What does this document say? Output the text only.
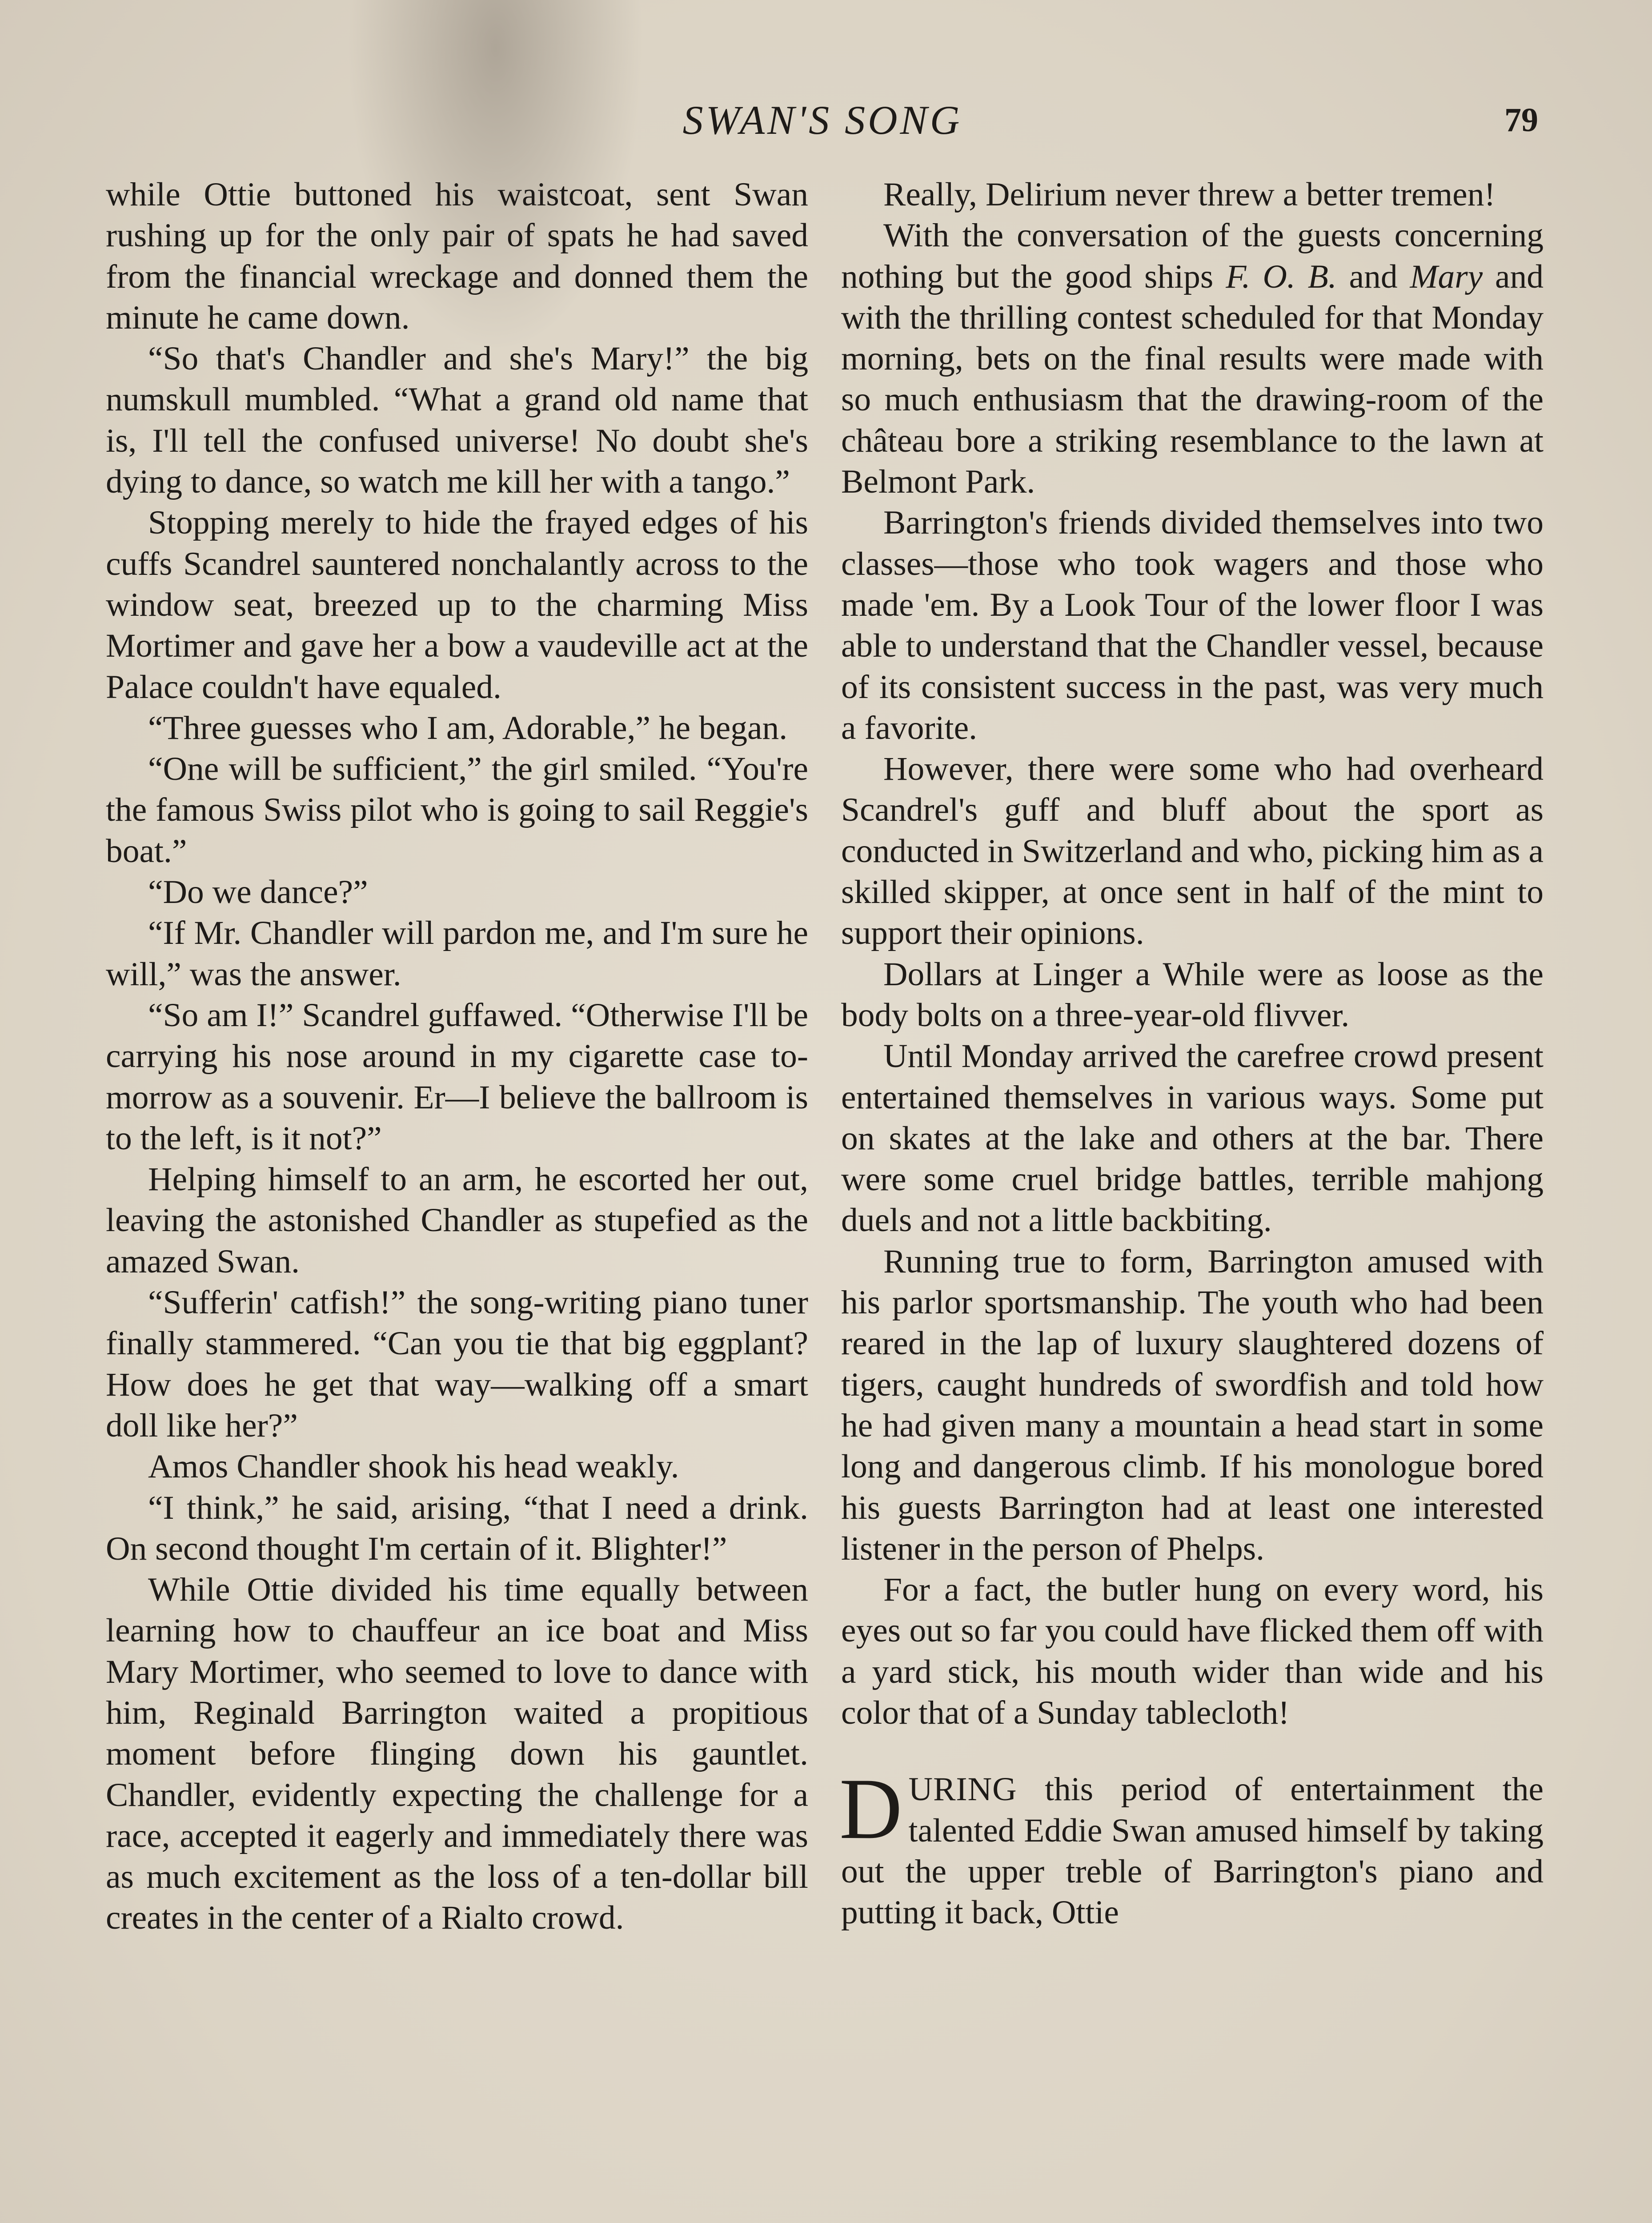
SWAN'S SONG	79

while Ottie buttoned his waistcoat, sent Swan rushing up for the only pair of spats he had saved from the financial wreckage and donned them the minute he came down.

“So that's Chandler and she's Mary!” the big numskull mumbled. “What a grand old name that is, I'll tell the confused universe! No doubt she's dying to dance, so watch me kill her with a tango.”

Stopping merely to hide the frayed edges of his cuffs Scandrel sauntered nonchalantly across to the window seat, breezed up to the charming Miss Mortimer and gave her a bow a vaudeville act at the Palace couldn't have equaled.

“Three guesses who I am, Adorable,” he began.

“One will be sufficient,” the girl smiled. “You're the famous Swiss pilot who is going to sail Reggie's boat.”

“Do we dance?”

“If Mr. Chandler will pardon me, and I'm sure he will,” was the answer.

“So am I!” Scandrel guffawed. “Otherwise I'll be carrying his nose around in my cigarette case to-morrow as a souvenir. Er—I believe the ballroom is to the left, is it not?”

Helping himself to an arm, he escorted her out, leaving the astonished Chandler as stupefied as the amazed Swan.

“Sufferin' catfish!” the song-writing piano tuner finally stammered. “Can you tie that big eggplant? How does he get that way—walking off a smart doll like her?”

Amos Chandler shook his head weakly.

“I think,” he said, arising, “that I need a drink. On second thought I'm certain of it. Blighter!”

While Ottie divided his time equally between learning how to chauffeur an ice boat and Miss Mary Mortimer, who seemed to love to dance with him, Reginald Barrington waited a propitious moment before flinging down his gauntlet. Chandler, evidently expecting the challenge for a race, accepted it eagerly and immediately there was as much excitement as the loss of a ten-dollar bill creates in the center of a Rialto crowd.

Really, Delirium never threw a better tremen!

With the conversation of the guests concerning nothing but the good ships F. O. B. and Mary and with the thrilling contest scheduled for that Monday morning, bets on the final results were made with so much enthusiasm that the drawing-room of the château bore a striking resemblance to the lawn at Belmont Park.

Barrington's friends divided themselves into two classes—those who took wagers and those who made 'em. By a Look Tour of the lower floor I was able to understand that the Chandler vessel, because of its consistent success in the past, was very much a favorite.

However, there were some who had overheard Scandrel's guff and bluff about the sport as conducted in Switzerland and who, picking him as a skilled skipper, at once sent in half of the mint to support their opinions.

Dollars at Linger a While were as loose as the body bolts on a three-year-old flivver.

Until Monday arrived the carefree crowd present entertained themselves in various ways. Some put on skates at the lake and others at the bar. There were some cruel bridge battles, terrible mahjong duels and not a little backbiting.

Running true to form, Barrington amused with his parlor sportsmanship. The youth who had been reared in the lap of luxury slaughtered dozens of tigers, caught hundreds of swordfish and told how he had given many a mountain a head start in some long and dangerous climb. If his monologue bored his guests Barrington had at least one interested listener in the person of Phelps.

For a fact, the butler hung on every word, his eyes out so far you could have flicked them off with a yard stick, his mouth wider than wide and his color that of a Sunday tablecloth!

DURING this period of entertainment the talented Eddie Swan amused himself by taking out the upper treble of Barrington's piano and putting it back, Ottie
